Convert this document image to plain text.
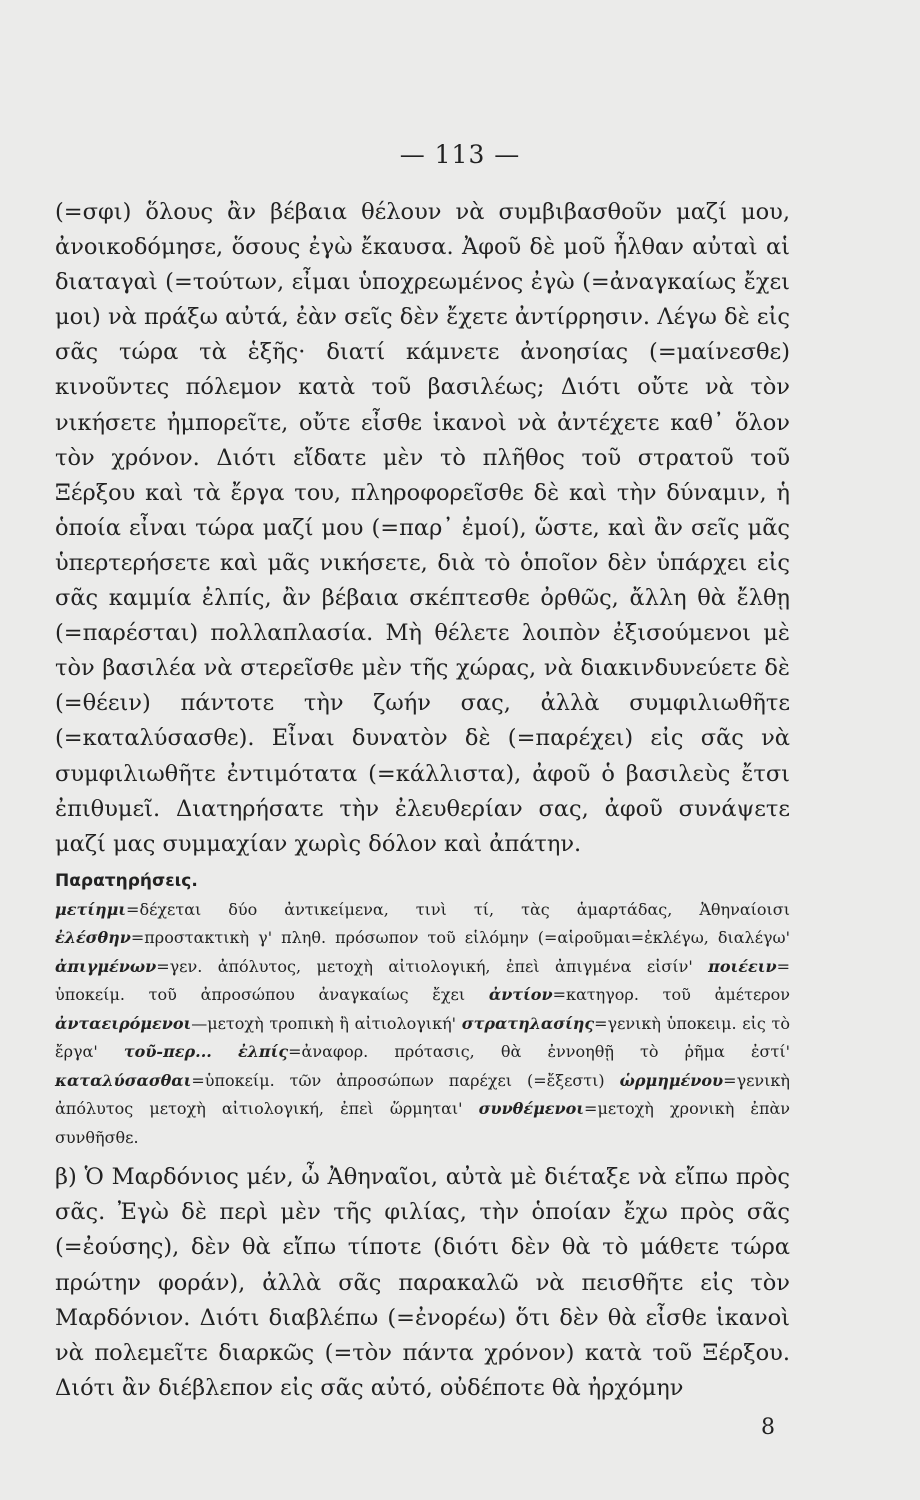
— 113 —

(=σφι) ὅλους ἂν βέβαια θέλουν νὰ συμβιβασθοῦν μαζί μου, ἀνοικοδόμησε, ὅσους ἐγὼ ἔκαυσα. Ἀφοῦ δὲ μοῦ ἦλθαν αὐταὶ αἱ διαταγαὶ (=τούτων, εἶμαι ὑποχρεωμένος ἐγὼ (=ἀναγκαίως ἔχει μοι) νὰ πράξω αὐτά, ἐὰν σεῖς δὲν ἔχετε ἀντίρρησιν. Λέγω δὲ εἰς σᾶς τώρα τὰ ἑξῆς· διατί κάμνετε ἀνοησίας (=μαίνεσθε) κινοῦντες πόλεμον κατὰ τοῦ βασιλέως; Διότι οὔτε νὰ τὸν νικήσετε ἠμπορεῖτε, οὔτε εἶσθε ἱκανοὶ νὰ ἀντέχετε καθ᾽ ὅλον τὸν χρόνον. Διότι εἴδατε μὲν τὸ πλῆθος τοῦ στρατοῦ τοῦ Ξέρξου καὶ τὰ ἔργα του, πληροφορεῖσθε δὲ καὶ τὴν δύναμιν, ἡ ὁποία εἶναι τώρα μαζί μου (=παρ᾽ ἐμοί), ὥστε, καὶ ἂν σεῖς μᾶς ὑπερτερήσετε καὶ μᾶς νικήσετε, διὰ τὸ ὁποῖον δὲν ὑπάρχει εἰς σᾶς καμμία ἐλπίς, ἂν βέβαια σκέπτεσθε ὀρθῶς, ἄλλη θὰ ἔλθῃ (=παρέσται) πολλαπλασία. Μὴ θέλετε λοιπὸν ἐξισούμενοι μὲ τὸν βασιλέα νὰ στερεῖσθε μὲν τῆς χώρας, νὰ διακινδυνεύετε δὲ (=θέειν) πάντοτε τὴν ζωήν σας, ἀλλὰ συμφιλιωθῆτε (=καταλύσασθε). Εἶναι δυνατὸν δὲ (=παρέχει) εἰς σᾶς νὰ συμφιλιωθῆτε ἐντιμότατα (=κάλλιστα), ἀφοῦ ὁ βασιλεὺς ἔτσι ἐπιθυμεῖ. Διατηρήσατε τὴν ἐλευθερίαν σας, ἀφοῦ συνάψετε μαζί μας συμμαχίαν χωρὶς δόλον καὶ ἀπάτην.

Παρατηρήσεις.
μετίημι=δέχεται δύο ἀντικείμενα, τινὶ τί, τὰς ἁμαρτάδας, Ἀθηναίοισι ἐλέσθην=προστακτικὴ γ' πληθ. πρόσωπον τοῦ εἱλόμην (=αἱροῦμαι=ἐκλέγω, διαλέγω' ἀπιγμένων=γεν. ἀπόλυτος, μετοχὴ αἰτιολογική, ἐπεὶ ἀπιγμένα εἰσίν' ποιέειν= ὑποκείμ. τοῦ ἀπροσώπου ἀναγκαίως ἔχει ἀντίον=κατηγορ. τοῦ ἀμέτερον ἀνταειρόμενοι—μετοχὴ τροπικὴ ἢ αἰτιολογική' στρατηλασίης=γενικὴ ὑποκειμ. εἰς τὸ ἔργα' τοῦ-περ... ἐλπίς=ἀναφορ. πρότασις, θὰ ἐννοηθῇ τὸ ῥῆμα ἐστί' καταλύσασθαι=ὑποκείμ. τῶν ἀπροσώπων παρέχει (=ἔξεστι) ὡρμημένου=γενικὴ ἀπόλυτος μετοχὴ αἰτιολογική, ἐπεὶ ὥρμηται' συνθέμενοι=μετοχὴ χρονικὴ ἐπὰν συνθῆσθε.

β) Ὁ Μαρδόνιος μέν, ὦ Ἀθηναῖοι, αὐτὰ μὲ διέταξε νὰ εἴπω πρὸς σᾶς. Ἐγὼ δὲ περὶ μὲν τῆς φιλίας, τὴν ὁποίαν ἔχω πρὸς σᾶς (=ἐούσης), δὲν θὰ εἴπω τίποτε (διότι δὲν θὰ τὸ μάθετε τώρα πρώτην φοράν), ἀλλὰ σᾶς παρακαλῶ νὰ πεισθῆτε εἰς τὸν Μαρδόνιον. Διότι διαβλέπω (=ἐνορέω) ὅτι δὲν θὰ εἶσθε ἱκανοὶ νὰ πολεμεῖτε διαρκῶς (=τὸν πάντα χρόνον) κατὰ τοῦ Ξέρξου. Διότι ἂν διέβλεπον εἰς σᾶς αὐτό, οὐδέποτε θὰ ἠρχόμην

8
